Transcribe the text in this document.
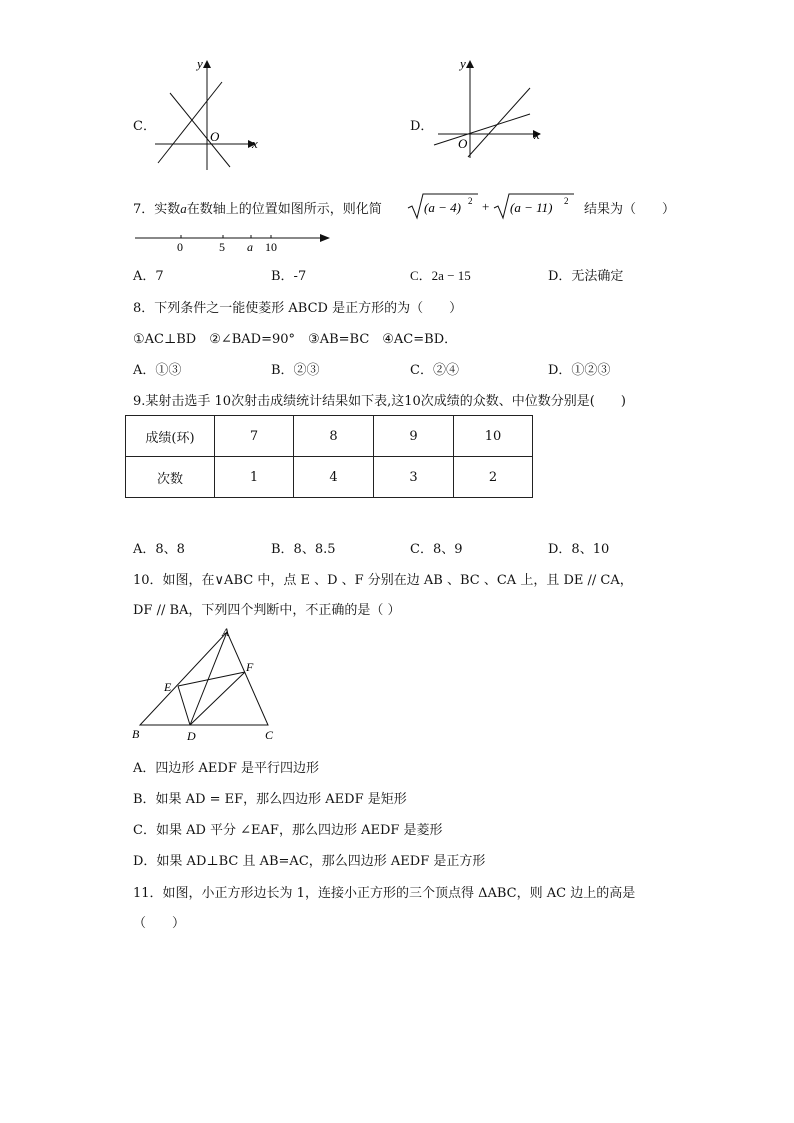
C．
y
x
O
D．
y
x
O
7．实数a在数轴上的位置如图所示，则化简	(a − 4) 2 + (a − 11) 2
结果为（　　）
0	5 a 10
A．7	B．-7	C．2a − 15	D．无法确定
8．下列条件之一能使菱形 ABCD 是正方形的为（　　）
①AC⊥BD　②∠BAD=90°　③AB=BC　④AC=BD．
A．①③	B．②③	C．②④	D．①②③
9.某射击选手 10次射击成绩统计结果如下表,这10次成绩的众数、中位数分别是(　　)
成绩(环)	7	8	9	10
次数	1	4	3	2
A．8、8	B．8、8.5	C．8、9	D．8、10
10．如图，在∨ABC 中，点 E 、D 、F 分别在边 AB 、BC 、CA 上，且 DE // CA，
DF // BA，下列四个判断中，不正确的是（ ）
A
B	C
D
E
F
A．四边形 AEDF 是平行四边形
B．如果 AD = EF，那么四边形 AEDF 是矩形
C．如果 AD 平分 ∠EAF，那么四边形 AEDF 是菱形
D．如果 AD⊥BC 且 AB=AC，那么四边形 AEDF 是正方形
11．如图，小正方形边长为 1，连接小正方形的三个顶点得 ΔABC，则 AC 边上的高是
（　　）
